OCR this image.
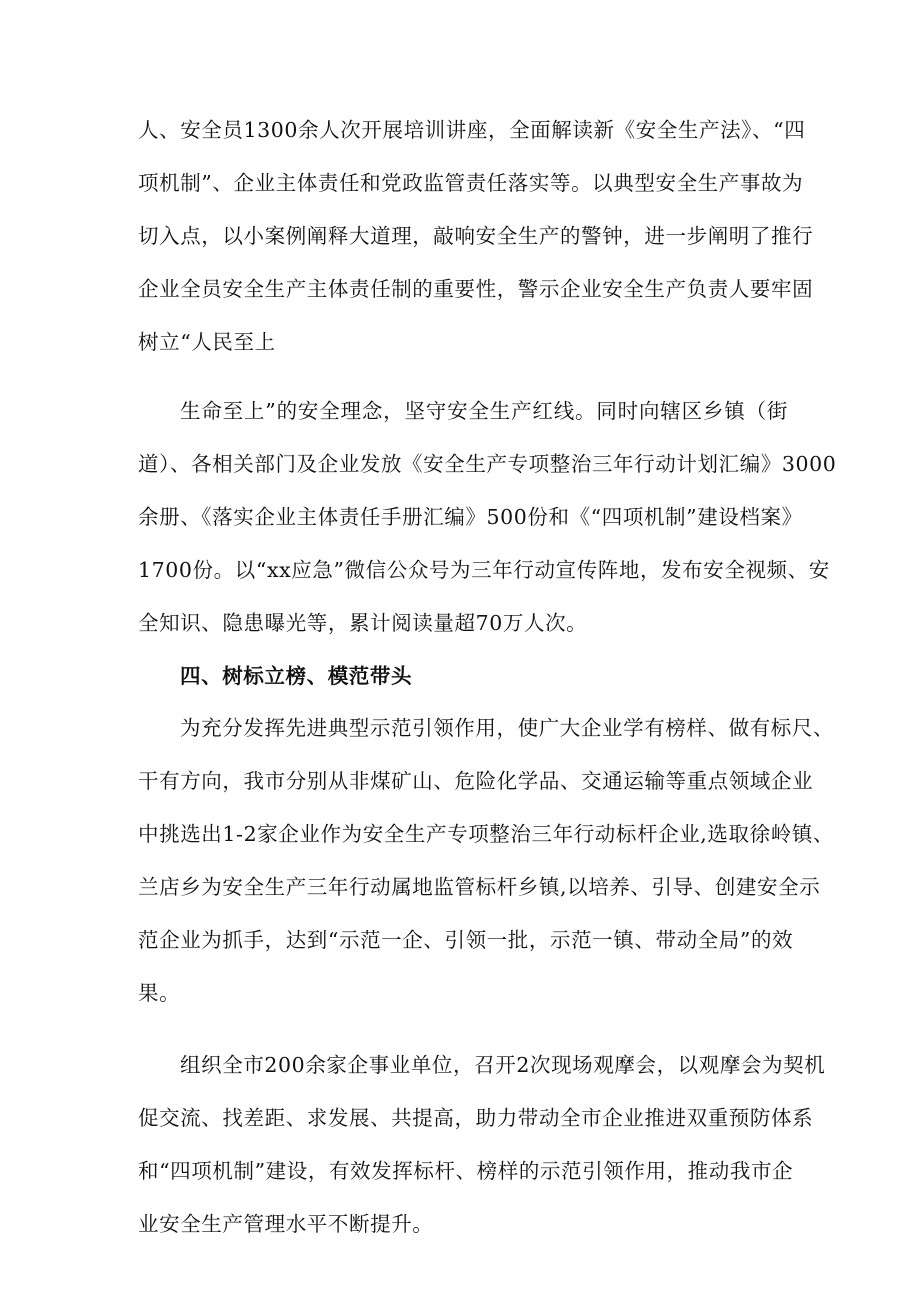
人、安全员1300余人次开展培训讲座，全面解读新《安全生产法》、“四
项机制”、企业主体责任和党政监管责任落实等。以典型安全生产事故为
切入点，以小案例阐释大道理，敲响安全生产的警钟，进一步阐明了推行
企业全员安全生产主体责任制的重要性，警示企业安全生产负责人要牢固
树立“人民至上
生命至上”的安全理念，坚守安全生产红线。同时向辖区乡镇（街
道）、各相关部门及企业发放《安全生产专项整治三年行动计划汇编》3000
余册、《落实企业主体责任手册汇编》500份和《“四项机制”建设档案》
1700份。以“xx应急”微信公众号为三年行动宣传阵地，发布安全视频、安
全知识、隐患曝光等，累计阅读量超70万人次。
四、树标立榜、模范带头
为充分发挥先进典型示范引领作用，使广大企业学有榜样、做有标尺、
干有方向，我市分别从非煤矿山、危险化学品、交通运输等重点领域企业
中挑选出1-2家企业作为安全生产专项整治三年行动标杆企业,选取徐岭镇、
兰店乡为安全生产三年行动属地监管标杆乡镇,以培养、引导、创建安全示
范企业为抓手，达到“示范一企、引领一批，示范一镇、带动全局”的效
果。
组织全市200余家企事业单位，召开2次现场观摩会，以观摩会为契机
促交流、找差距、求发展、共提高，助力带动全市企业推进双重预防体系
和“四项机制”建设，有效发挥标杆、榜样的示范引领作用，推动我市企
业安全生产管理水平不断提升。
